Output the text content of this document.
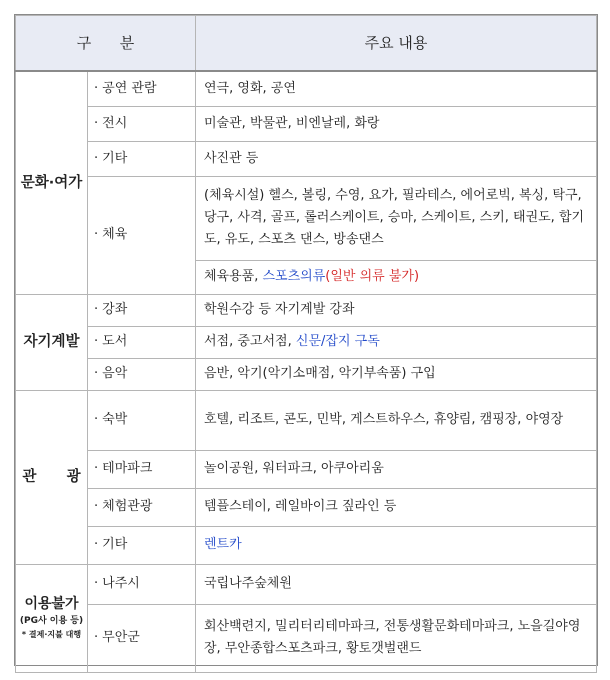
구      분		주요 내용
문화·여가	· 공연 관람	연극, 영화, 공연
	· 전시	미술관, 박물관, 비엔날레, 화랑
	· 기타	사진관 등
	· 체육	(체육시설) 헬스, 볼링, 수영, 요가, 필라테스, 에어로빅, 복싱, 탁구, 당구, 사격, 골프, 롤러스케이트, 승마, 스케이트, 스키, 태권도, 합기도, 유도, 스포츠 댄스, 방송댄스
		체육용품, 스포츠의류(일반 의류 불가)
자기계발	· 강좌	학원수강 등 자기계발 강좌
	· 도서	서점, 중고서점, 신문/잡지 구독
	· 음악	음반, 악기(악기소매점, 악기부속품) 구입
관      광	· 숙박	호텔, 리조트, 콘도, 민박, 게스트하우스, 휴양림, 캠핑장, 야영장
	· 테마파크	놀이공원, 워터파크, 아쿠아리움
	· 체험관광	템플스테이, 레일바이크 짚라인 등
	· 기타	렌트카

이용불가
(PG사 이용 등)
* 결제·지불 대행	· 나주시	국립나주숲체원
	· 무안군	회산백련지, 밀리터리테마파크, 전통생활문화테마파크, 노을길야영장, 무안종합스포츠파크, 황토갯벌랜드
